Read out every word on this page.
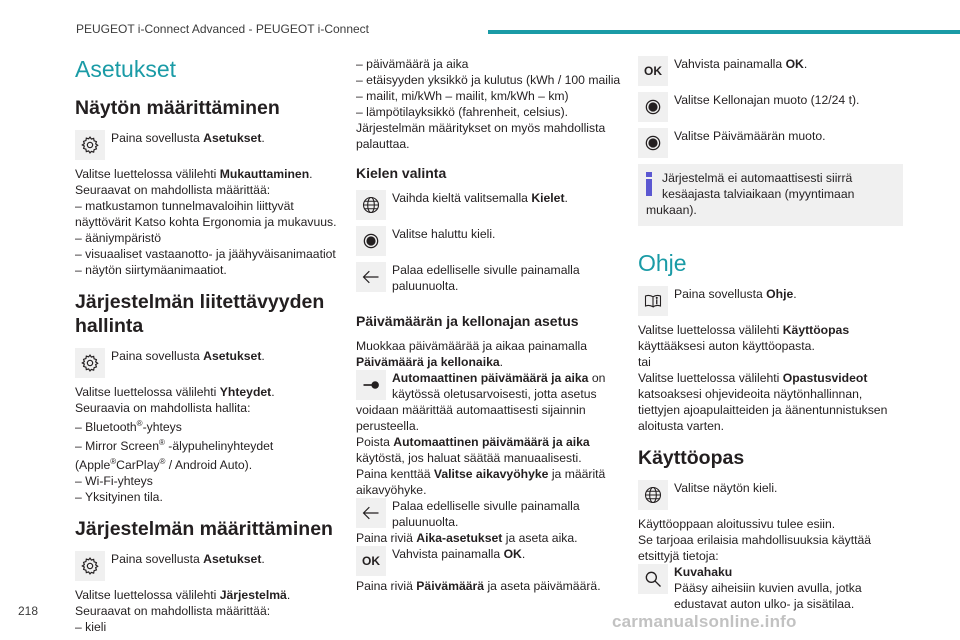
PEUGEOT i-Connect Advanced - PEUGEOT i-Connect
Asetukset
Näytön määrittäminen
Paina sovellusta Asetukset.

Valitse luettelossa välilehti Mukauttaminen.

Seuraavat on mahdollista määrittää:

– matkustamon tunnelmavaloihin liittyvät näyttövärit Katso kohta Ergonomia ja mukavuus.

– ääniympäristö

– visuaaliset vastaanotto- ja jäähyväisanimaatiot

– näytön siirtymäanimaatiot.

Järjestelmän liitettävyyden hallinta
Paina sovellusta Asetukset.

Valitse luettelossa välilehti Yhteydet.

Seuraavia on mahdollista hallita:

– Bluetooth®-yhteys

– Mirror Screen® -älypuhelinyhteydet

(Apple®CarPlay® / Android Auto).

– Wi-Fi-yhteys

– Yksityinen tila.

Järjestelmän määrittäminen
Paina sovellusta Asetukset.

Valitse luettelossa välilehti Järjestelmä.

Seuraavat on mahdollista määrittää:

– kieli

– päivämäärä ja aika

– etäisyyden yksikkö ja kulutus (kWh / 100 mailia – mailit, mi/kWh – mailit, km/kWh – km)

– lämpötilayksikkö (fahrenheit, celsius).

Järjestelmän määritykset on myös mahdollista palauttaa.

Kielen valinta
Vaihda kieltä valitsemalla Kielet.
Valitse haluttu kieli.
Palaa edelliselle sivulle painamalla paluunuolta.
Päivämäärän ja kellonajan asetus

Muokkaa päivämäärää ja aikaa painamalla

Päivämäärä ja kellonaika.

Automaattinen päivämäärä ja aika on käytössä oletusarvoisesti, jotta asetus voidaan määrittää automaattisesti sijainnin perusteella.

Poista Automaattinen päivämäärä ja aika käytöstä, jos haluat säätää manuaalisesti.

Paina kenttää Valitse aikavyöhyke ja määritä aikavyöhyke.

Palaa edelliselle sivulle painamalla paluunuolta.

Paina riviä Aika-asetukset ja aseta aika.

OK Vahvista painamalla OK.

Paina riviä Päivämäärä ja aseta päivämäärä.

OK Vahvista painamalla OK.
Valitse Kellonajan muoto (12/24 t).
Valitse Päivämäärän muoto.
Järjestelmä ei automaattisesti siirrä kesäajasta talviaikaan (myyntimaan mukaan).
Ohje
Paina sovellusta Ohje.

Valitse luettelossa välilehti Käyttöopas käyttääksesi auton käyttöopasta.

tai

Valitse luettelossa välilehti Opastusvideot katsoaksesi ohjevideoita näytönhallinnan, tiettyjen ajoapulaitteiden ja äänentunnistuksen aloitusta varten.

Käyttöopas
Valitse näytön kieli.

Käyttöoppaan aloitussivu tulee esiin.

Se tarjoaa erilaisia mahdollisuuksia käyttää etsittyjä tietoja:

Kuvahaku
Pääsy aiheisiin kuvien avulla, jotka edustavat auton ulko- ja sisätilaa.
218
carmanualsonline.info
